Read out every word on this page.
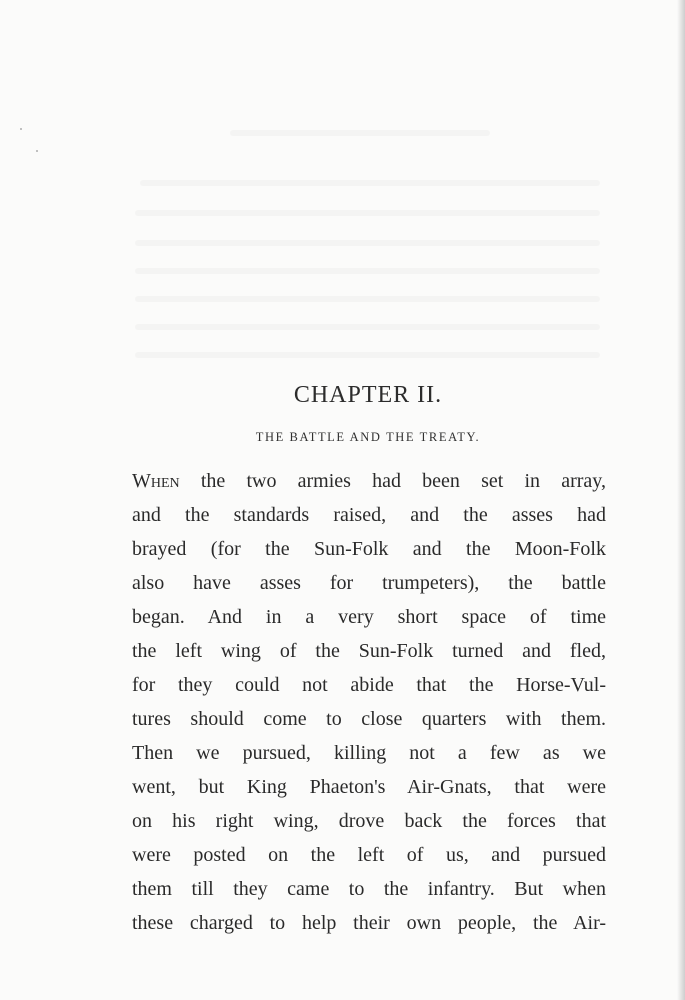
CHAPTER II.
THE BATTLE AND THE TREATY.
When the two armies had been set in array,
and the standards raised, and the asses had
brayed (for the Sun-Folk and the Moon-Folk
also have asses for trumpeters), the battle
began. And in a very short space of time
the left wing of the Sun-Folk turned and fled,
for they could not abide that the Horse-Vul-
tures should come to close quarters with them.
Then we pursued, killing not a few as we
went, but King Phaeton's Air-Gnats, that were
on his right wing, drove back the forces that
were posted on the left of us, and pursued
them till they came to the infantry. But when
these charged to help their own people, the Air-
